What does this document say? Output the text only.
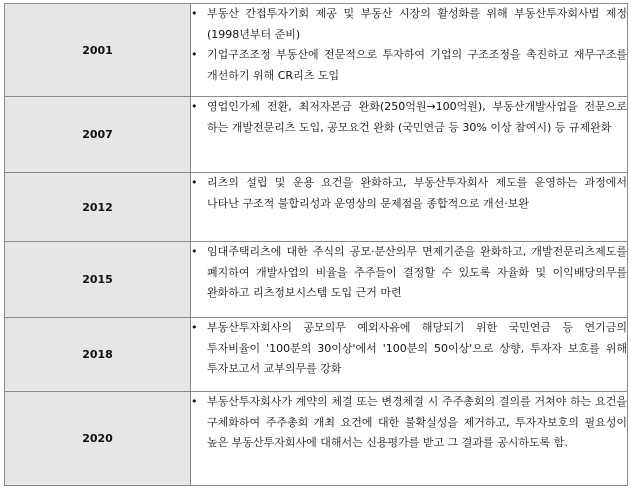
2001	• 부동산 간접투자기회 제공 및 부동산 시장의 활성화를 위해 부동산투자회사법 제정(1998년부터 준비)
• 기업구조조정 부동산에 전문적으로 투자하여 기업의 구조조정을 촉진하고 재무구조를 개선하기 위해 CR리츠 도입

2007	• 영업인가제 전환, 최저자본금 완화(250억원→100억원), 부동산개발사업을 전문으로 하는 개발전문리츠 도입, 공모요건 완화 (국민연금 등 30% 이상 참여시) 등 규제완화

2012	• 리츠의 설립 및 운용 요건을 완화하고, 부동산투자회사 제도를 운영하는 과정에서 나타난 구조적 불합리성과 운영상의 문제점을 종합적으로 개선·보완

2015	• 임대주택리츠에 대한 주식의 공모·분산의무 면제기준을 완화하고, 개발전문리츠제도를 폐지하여 개발사업의 비율을 주주들이 결정할 수 있도록 자율화 및 이익배당의무를 완화하고 리츠정보시스템 도입 근거 마련

2018	• 부동산투자회사의 공모의무 예외사유에 해당되기 위한 국민연금 등 연기금의 투자비율이 '100분의 30이상'에서 '100분의 50이상'으로 상향, 투자자 보호를 위해 투자보고서 교부의무를 강화

2020	• 부동산투자회사가 계약의 체결 또는 변경체결 시 주주총회의 결의를 거쳐야 하는 요건을 구체화하여 주주총회 개최 요건에 대한 불확실성을 제거하고, 투자자보호의 필요성이 높은 부동산투자회사에 대해서는 신용평가를 받고 그 결과를 공시하도록 함.
